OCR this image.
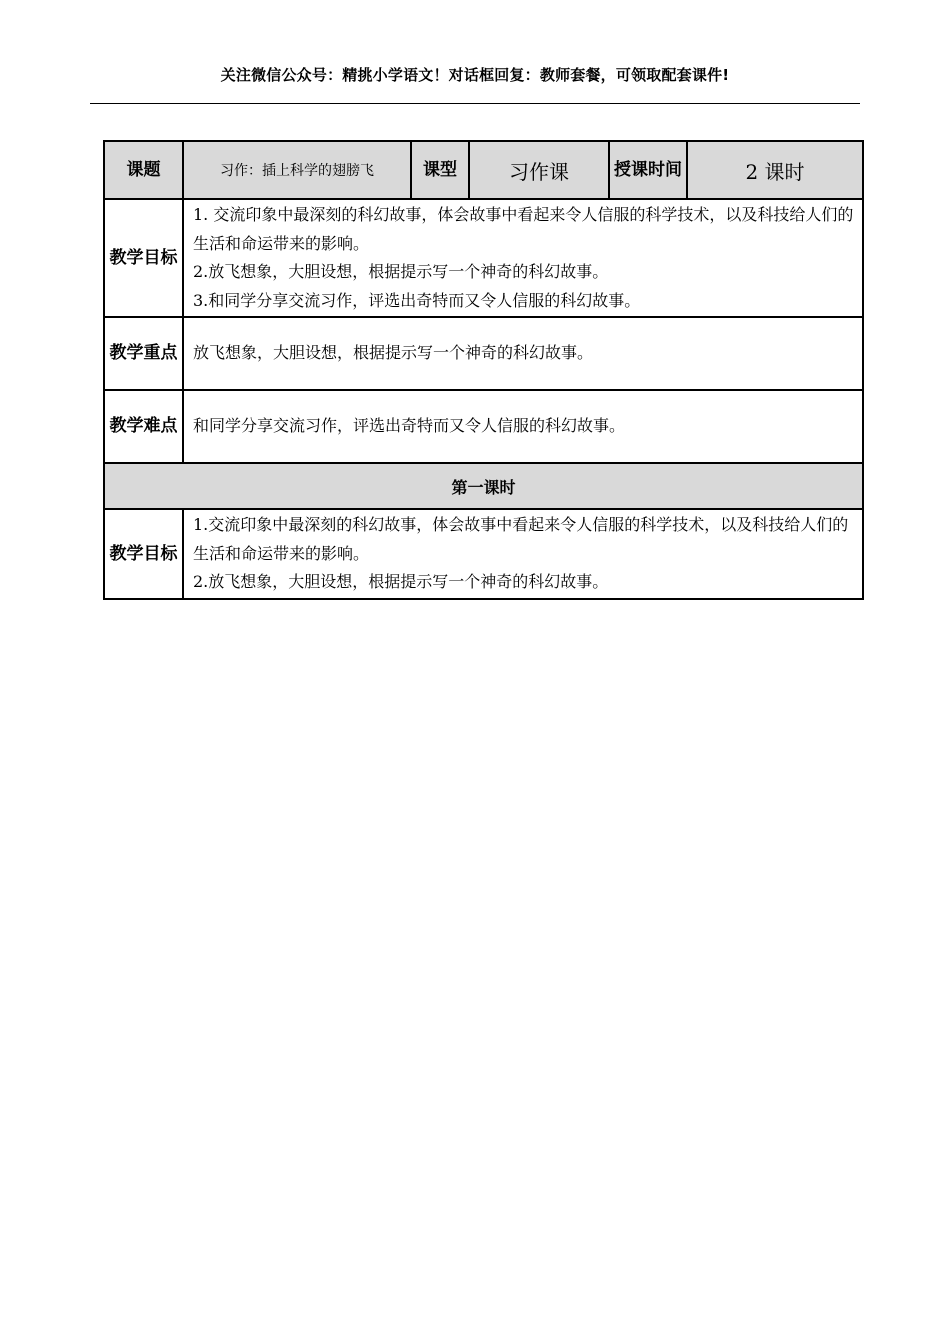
关注微信公众号：精挑小学语文！对话框回复：教师套餐，可领取配套课件!
课题	习作：插上科学的翅膀飞	课型	习作课	授课时间	2 课时
教学目标	1. 交流印象中最深刻的科幻故事，体会故事中看起来令人信服的科学技术，以及科技给人们的生活和命运带来的影响。

2.放飞想象，大胆设想，根据提示写一个神奇的科幻故事。

3.和同学分享交流习作，评选出奇特而又令人信服的科幻故事。				

教学重点	放飞想象，大胆设想，根据提示写一个神奇的科幻故事。				
教学难点	和同学分享交流习作，评选出奇特而又令人信服的科幻故事。				
第一课时					
教学目标	1.交流印象中最深刻的科幻故事，体会故事中看起来令人信服的科学技术，以及科技给人们的生活和命运带来的影响。

2.放飞想象，大胆设想，根据提示写一个神奇的科幻故事。				
